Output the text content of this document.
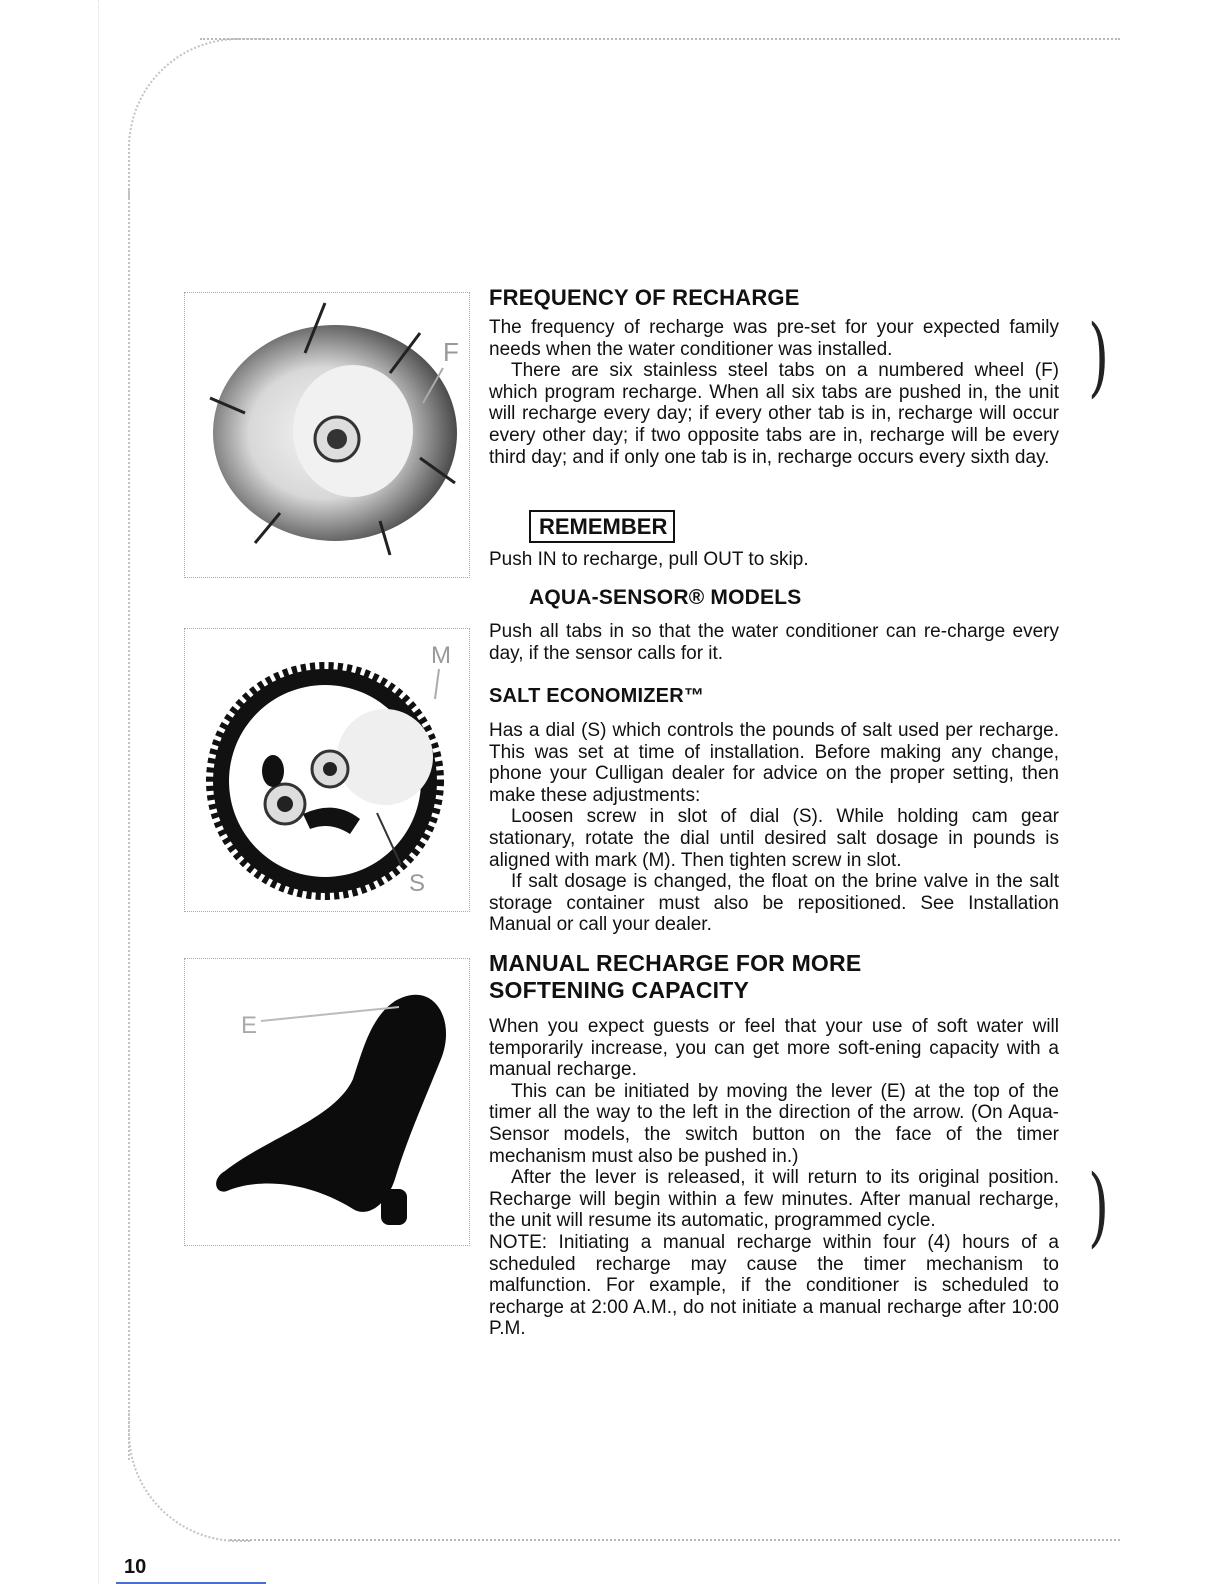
F
M
S
E
FREQUENCY OF RECHARGE

The frequency of recharge was pre-set for your expected family needs when the water conditioner was installed.

There are six stainless steel tabs on a numbered wheel (F) which program recharge. When all six tabs are pushed in, the unit will recharge every day; if every other tab is in, recharge will occur every other day; if two opposite tabs are in, recharge will be every third day; and if only one tab is in, recharge occurs every sixth day.

REMEMBER

Push IN to recharge, pull OUT to skip.

AQUA-SENSOR® MODELS

Push all tabs in so that the water conditioner can re-charge every day, if the sensor calls for it.

SALT ECONOMIZER™

Has a dial (S) which controls the pounds of salt used per recharge. This was set at time of installation. Before making any change, phone your Culligan dealer for advice on the proper setting, then make these adjustments:

Loosen screw in slot of dial (S). While holding cam gear stationary, rotate the dial until desired salt dosage in pounds is aligned with mark (M). Then tighten screw in slot.

If salt dosage is changed, the float on the brine valve in the salt storage container must also be repositioned. See Installation Manual or call your dealer.

MANUAL RECHARGE FOR MORE
SOFTENING CAPACITY

When you expect guests or feel that your use of soft water will temporarily increase, you can get more soft-ening capacity with a manual recharge.

This can be initiated by moving the lever (E) at the top of the timer all the way to the left in the direction of the arrow. (On Aqua-Sensor models, the switch button on the face of the timer mechanism must also be pushed in.)

After the lever is released, it will return to its original position. Recharge will begin within a few minutes. After manual recharge, the unit will resume its automatic, programmed cycle.

NOTE: Initiating a manual recharge within four (4) hours of a scheduled recharge may cause the timer mechanism to malfunction. For example, if the conditioner is scheduled to recharge at 2:00 A.M., do not initiate a manual recharge after 10:00 P.M.

)
)
10
